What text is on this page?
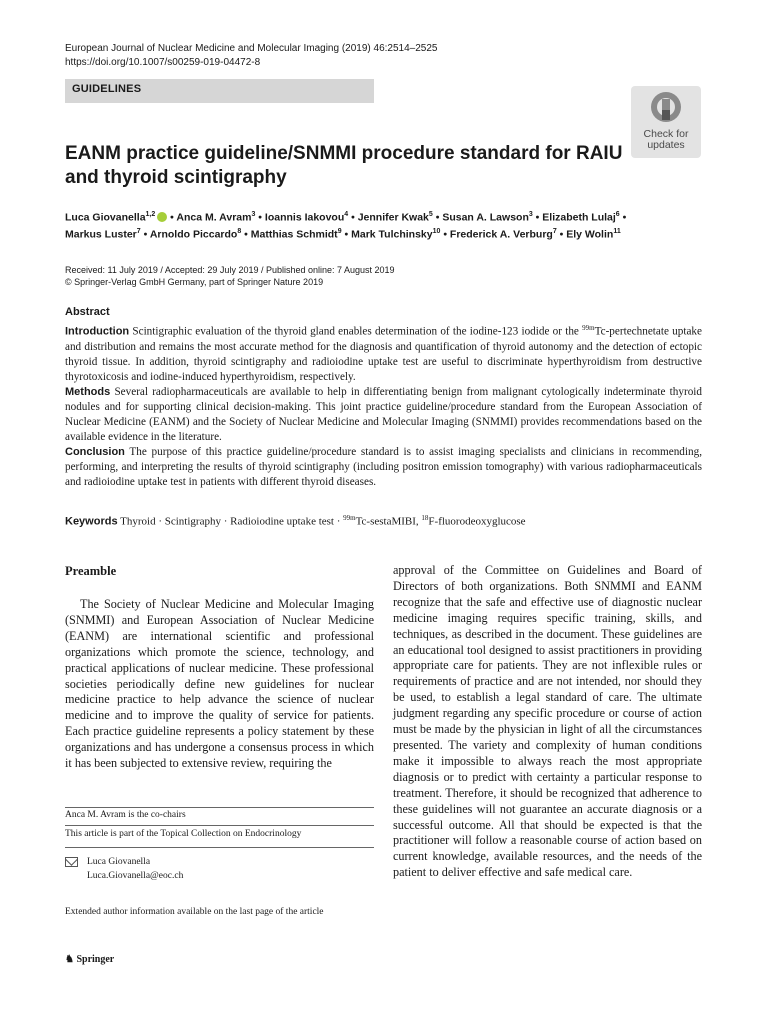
European Journal of Nuclear Medicine and Molecular Imaging (2019) 46:2514–2525
https://doi.org/10.1007/s00259-019-04472-8
GUIDELINES
Check for
updates
EANM practice guideline/SNMMI procedure standard for RAIU
and thyroid scintigraphy
Luca Giovanella$^{1,2}$ • Anca M. Avram$^3$ • Ioannis Iakovou$^4$ • Jennifer Kwak$^5$ • Susan A. Lawson$^3$ • Elizabeth Lulaj$^6$ •
Markus Luster$^7$ • Arnoldo Piccardo$^8$ • Matthias Schmidt$^9$ • Mark Tulchinsky$^{10}$ • Frederick A. Verburg$^7$ • Ely Wolin$^{11}$
Received: 11 July 2019 / Accepted: 29 July 2019 / Published online: 7 August 2019
© Springer-Verlag GmbH Germany, part of Springer Nature 2019
Abstract

Introduction Scintigraphic evaluation of the thyroid gland enables determination of the iodine-123 iodide or the $^{99m}$Tc-pertechnetate uptake and distribution and remains the most accurate method for the diagnosis and quantification of thyroid autonomy and the detection of ectopic thyroid tissue. In addition, thyroid scintigraphy and radioiodine uptake test are useful to discriminate hyperthyroidism from destructive thyrotoxicosis and iodine-induced hyperthyroidism, respectively.

Methods Several radiopharmaceuticals are available to help in differentiating benign from malignant cytologically indeterminate thyroid nodules and for supporting clinical decision-making. This joint practice guideline/procedure standard from the European Association of Nuclear Medicine (EANM) and the Society of Nuclear Medicine and Molecular Imaging (SNMMI) provides recommendations based on the available evidence in the literature.

Conclusion The purpose of this practice guideline/procedure standard is to assist imaging specialists and clinicians in recommending, performing, and interpreting the results of thyroid scintigraphy (including positron emission tomography) with various radiopharmaceuticals and radioiodine uptake test in patients with different thyroid diseases.

Keywords Thyroid · Scintigraphy · Radioiodine uptake test · $^{99m}$Tc-sestaMIBI, $^{18}$F-fluorodeoxyglucose
Preamble

The Society of Nuclear Medicine and Molecular Imaging (SNMMI) and European Association of Nuclear Medicine (EANM) are international scientific and professional organizations which promote the science, technology, and practical applications of nuclear medicine. These professional societies periodically define new guidelines for nuclear medicine practice to help advance the science of nuclear medicine and to improve the quality of service for patients. Each practice guideline represents a policy statement by these organizations and has undergone a consensus process in which it has been subjected to extensive review, requiring the

approval of the Committee on Guidelines and Board of Directors of both organizations. Both SNMMI and EANM recognize that the safe and effective use of diagnostic nuclear medicine imaging requires specific training, skills, and techniques, as described in the document. These guidelines are an educational tool designed to assist practitioners in providing appropriate care for patients. They are not inflexible rules or requirements of practice and are not intended, nor should they be used, to establish a legal standard of care. The ultimate judgment regarding any specific procedure or course of action must be made by the physician in light of all the circumstances presented. The variety and complexity of human conditions make it impossible to always reach the most appropriate diagnosis or to predict with certainty a particular response to treatment. Therefore, it should be recognized that adherence to these guidelines will not guarantee an accurate diagnosis or a successful outcome. All that should be expected is that the practitioner will follow a reasonable course of action based on current knowledge, available resources, and the needs of the patient to deliver effective and safe medical care.

Anca M. Avram is the co-chairs
This article is part of the Topical Collection on Endocrinology
Luca Giovanella
Luca.Giovanella@eoc.ch
Extended author information available on the last page of the article
♞ Springer
